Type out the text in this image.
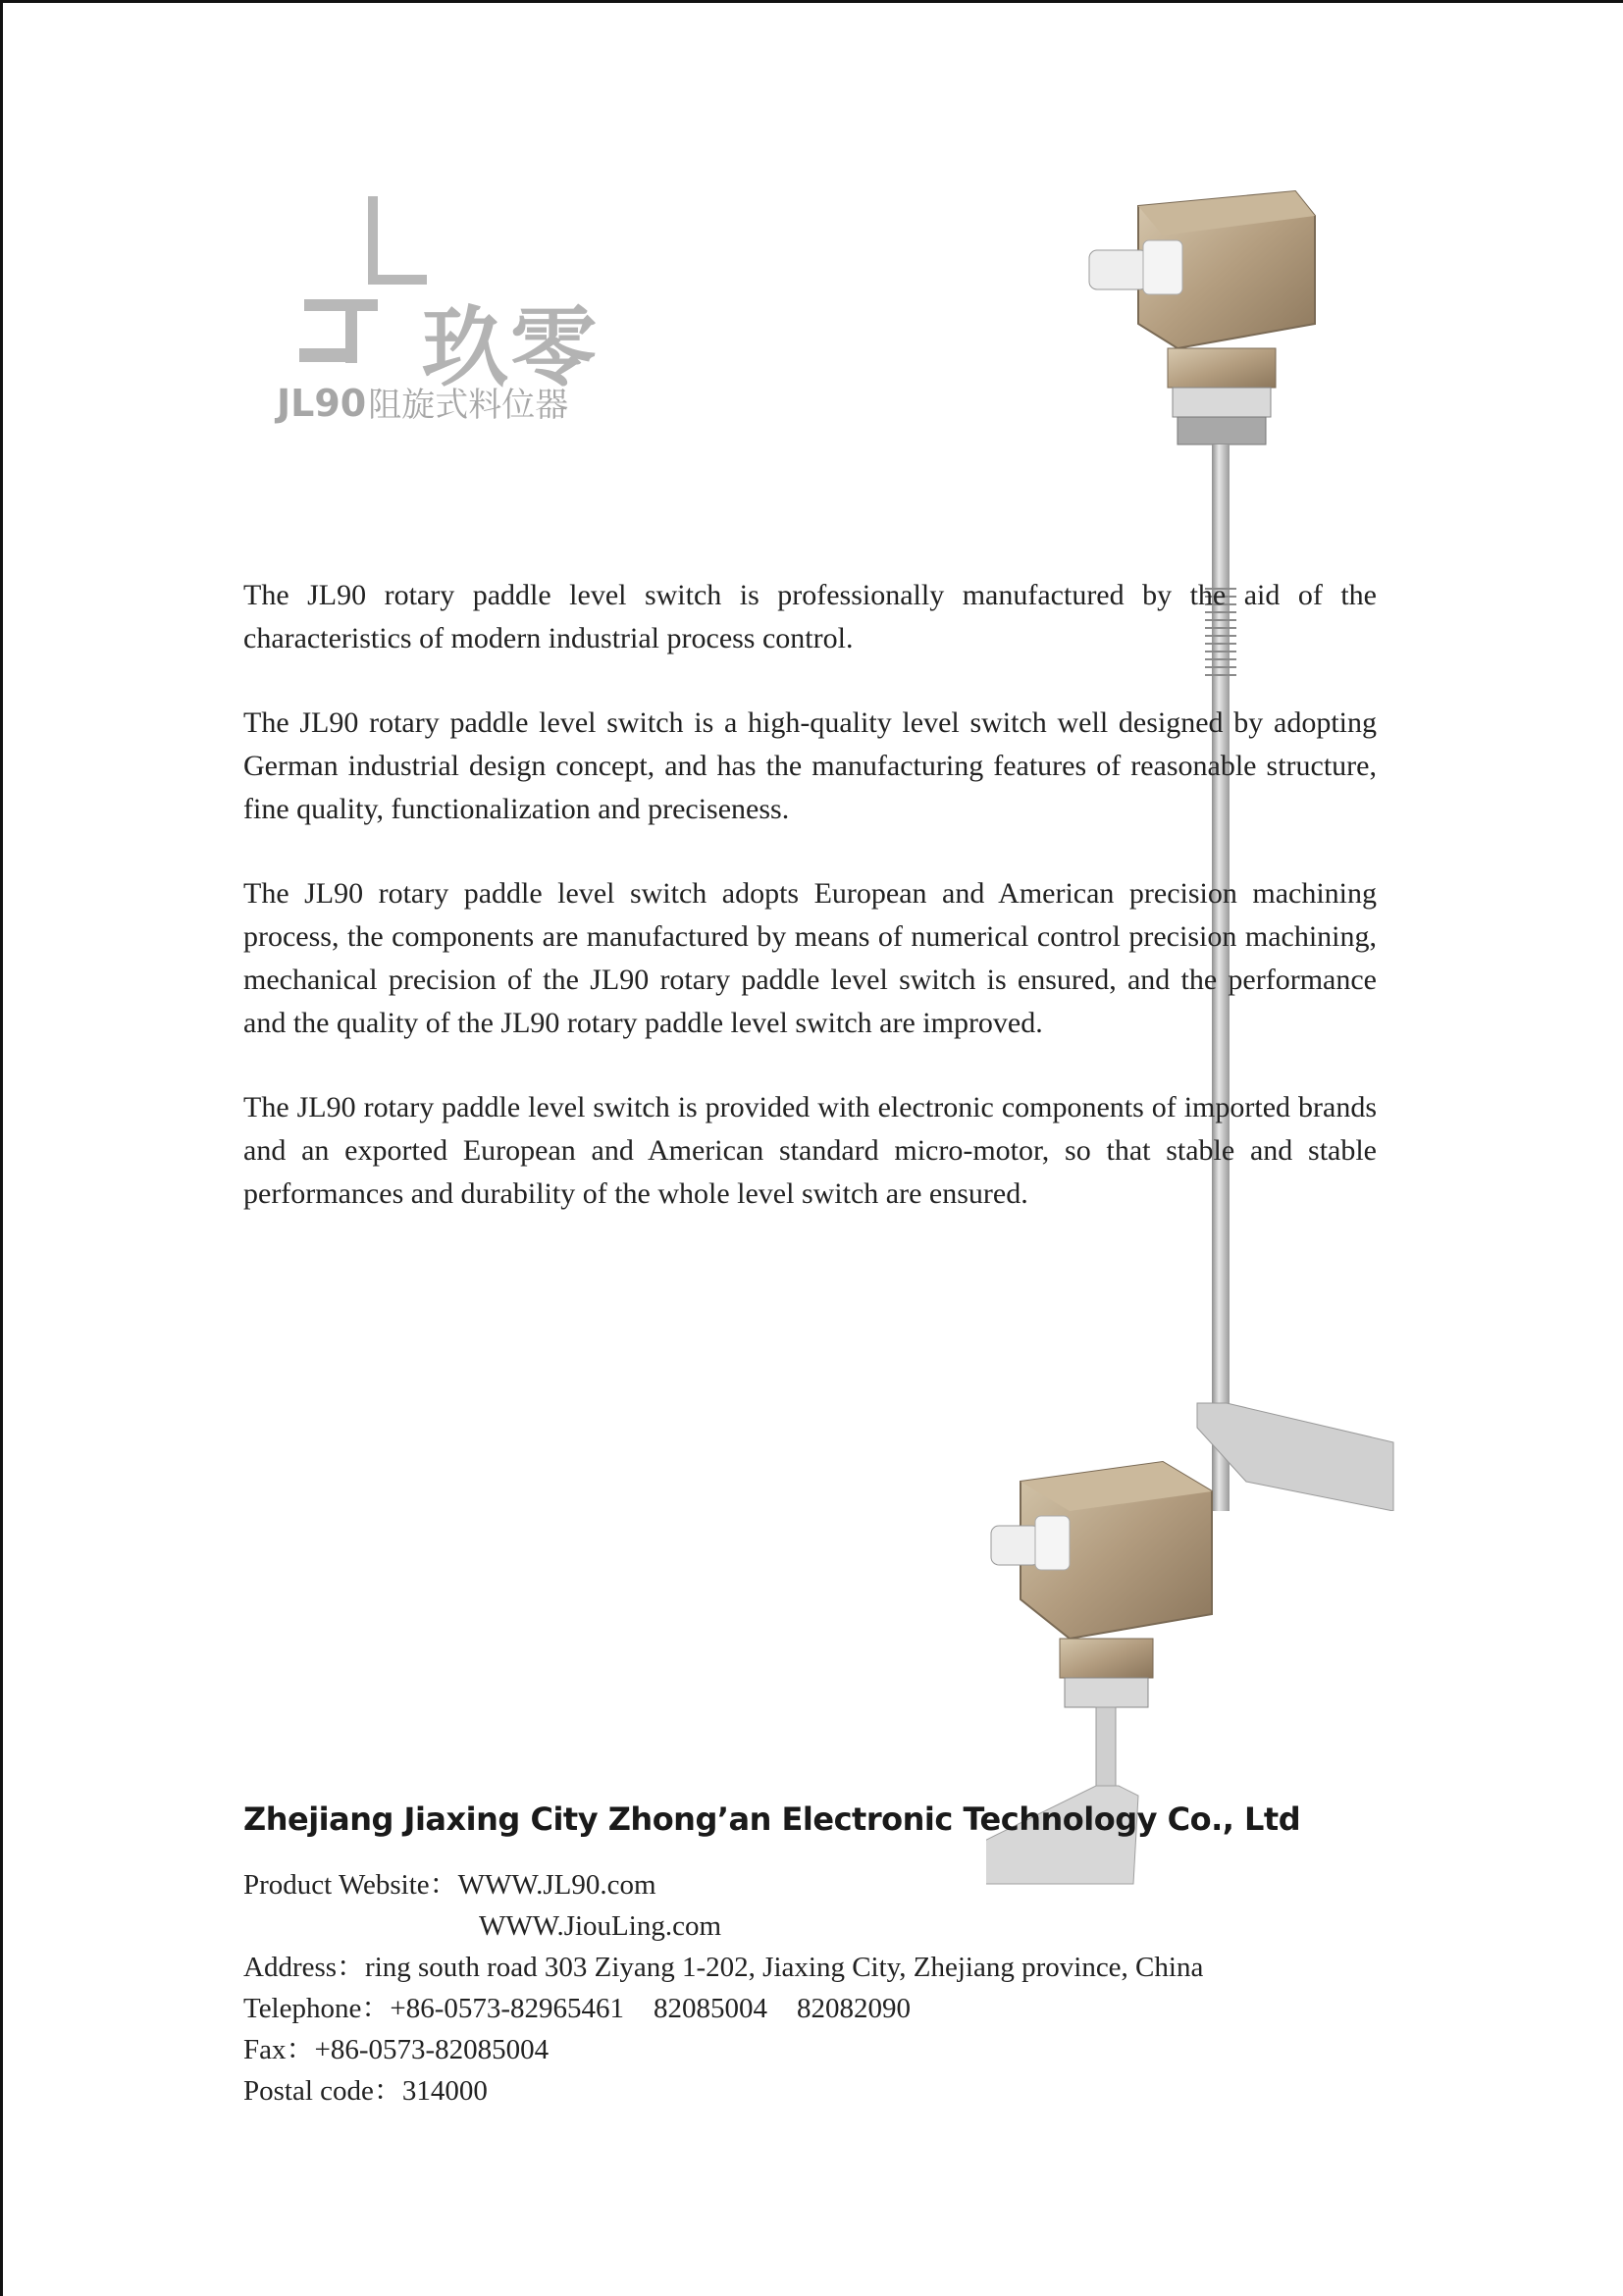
玖零
JL90阻旋式料位器

The JL90 rotary paddle level switch is professionally manufactured by the aid of the characteristics of modern industrial process control.

The JL90 rotary paddle level switch is a high-quality level switch well designed by adopting German industrial design concept, and has the manufacturing features of reasonable structure, fine quality, functionalization and preciseness.

The JL90 rotary paddle level switch adopts European and American precision machining process, the components are manufactured by means of numerical control precision machining, mechanical precision of the JL90 rotary paddle level switch is ensured, and the performance and the quality of the JL90 rotary paddle level switch are improved.

The JL90 rotary paddle level switch is provided with electronic components of imported brands and an exported European and American standard micro-motor, so that stable and stable performances and durability of the whole level switch are ensured.

Zhejiang Jiaxing City Zhong’an Electronic Technology Co., Ltd
Product Website：WWW.JL90.com
WWW.JiouLing.com
Address：ring south road 303 Ziyang 1-202, Jiaxing City, Zhejiang province, China
Telephone：+86-0573-82965461 82085004 82082090
Fax：+86-0573-82085004
Postal code：314000
